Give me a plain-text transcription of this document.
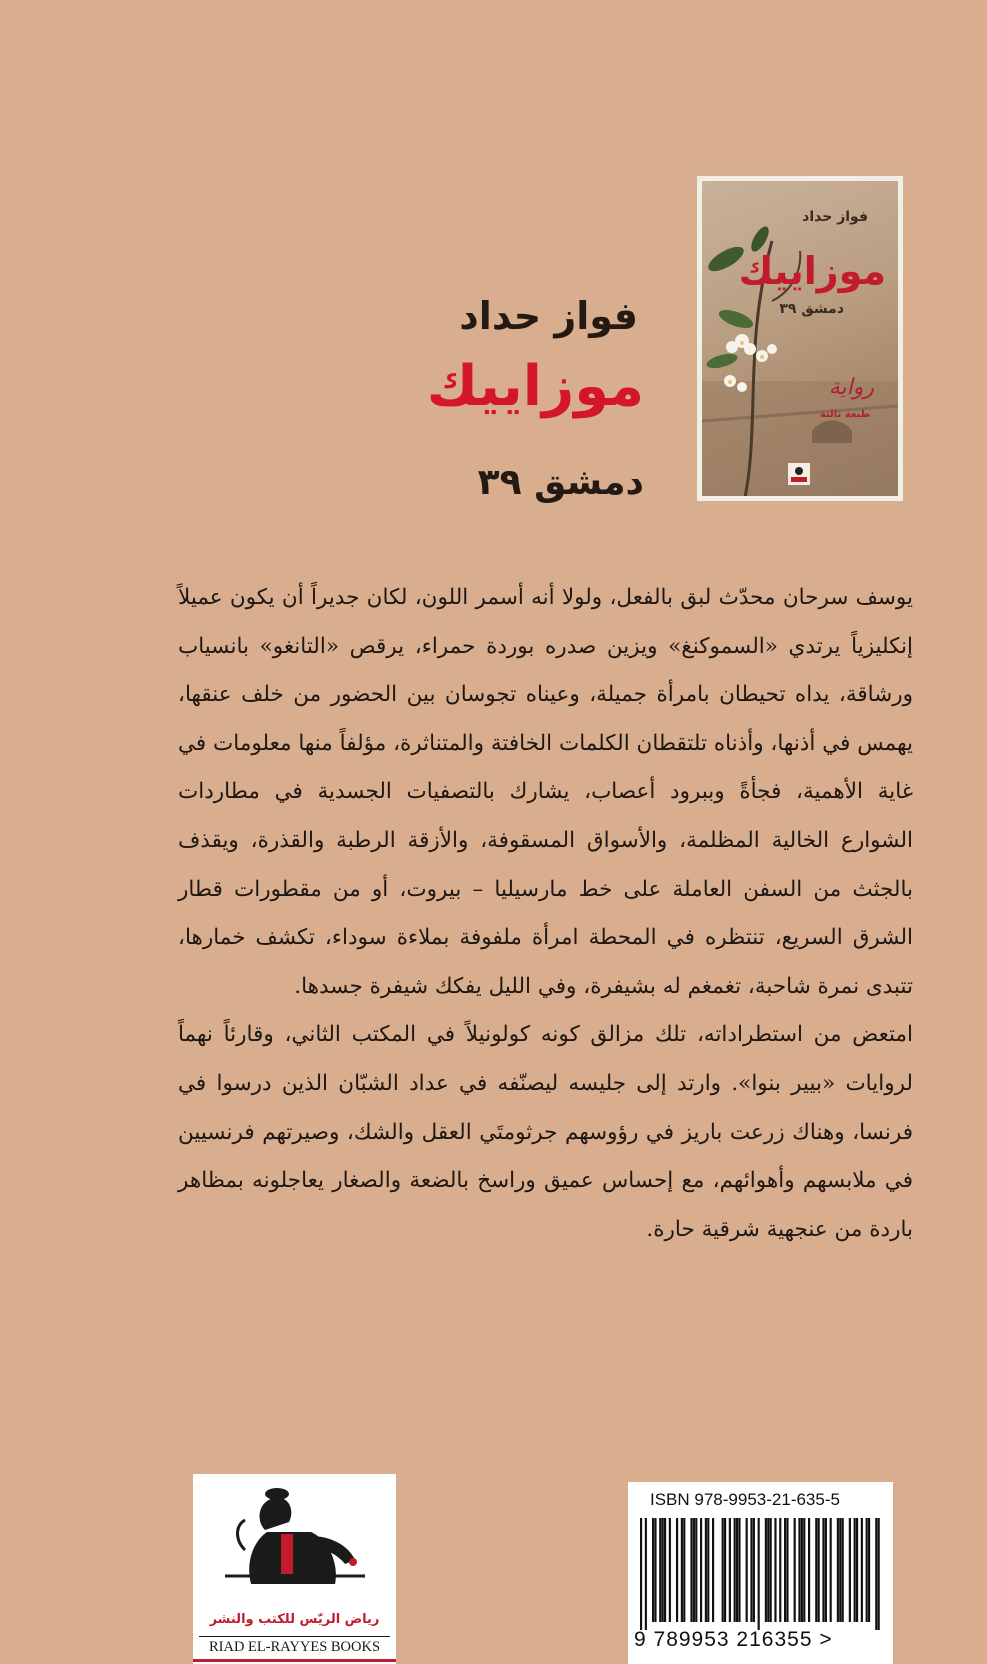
فواز حداد
موزاييك
دمشق ٣٩
رواية
طبعة ثالثة
فواز حداد
موزاييك
دمشق ٣٩

يوسف سرحان محدّث لبق بالفعل، ولولا أنه أسمر اللون، لكان جديراً أن يكون عميلاً إنكليزياً يرتدي «السموكنغ» ويزين صدره بوردة حمراء، يرقص «التانغو» بانسياب ورشاقة، يداه تحيطان بامرأة جميلة، وعيناه تجوسان بين الحضور من خلف عنقها، يهمس في أذنها، وأذناه تلتقطان الكلمات الخافتة والمتناثرة، مؤلفاً منها معلومات في غاية الأهمية، فجأةً وببرود أعصاب، يشارك بالتصفيات الجسدية في مطاردات الشوارع الخالية المظلمة، والأسواق المسقوفة، والأزقة الرطبة والقذرة، ويقذف بالجثث من السفن العاملة على خط مارسيليا – بيروت، أو من مقطورات قطار الشرق السريع، تنتظره في المحطة امرأة ملفوفة بملاءة سوداء، تكشف خمارها، تتبدى نمرة شاحبة، تغمغم له بشيفرة، وفي الليل يفكك شيفرة جسدها.

امتعض من استطراداته، تلك مزالق كونه كولونيلاً في المكتب الثاني، وقارئاً نهماً لروايات «بيير بنوا». وارتد إلى جليسه ليصنّفه في عداد الشبّان الذين درسوا في فرنسا، وهناك زرعت باريز في رؤوسهم جرثومتَي العقل والشك، وصيرتهم فرنسيين في ملابسهم وأهوائهم، مع إحساس عميق وراسخ بالضعة والصغار يعاجلونه بمظاهر باردة من عنجهية شرقية حارة.

رياض الريّس للكتب والنشر
RIAD EL-RAYYES BOOKS
ISBN 978-9953-21-635-5
9 789953 216355 >
